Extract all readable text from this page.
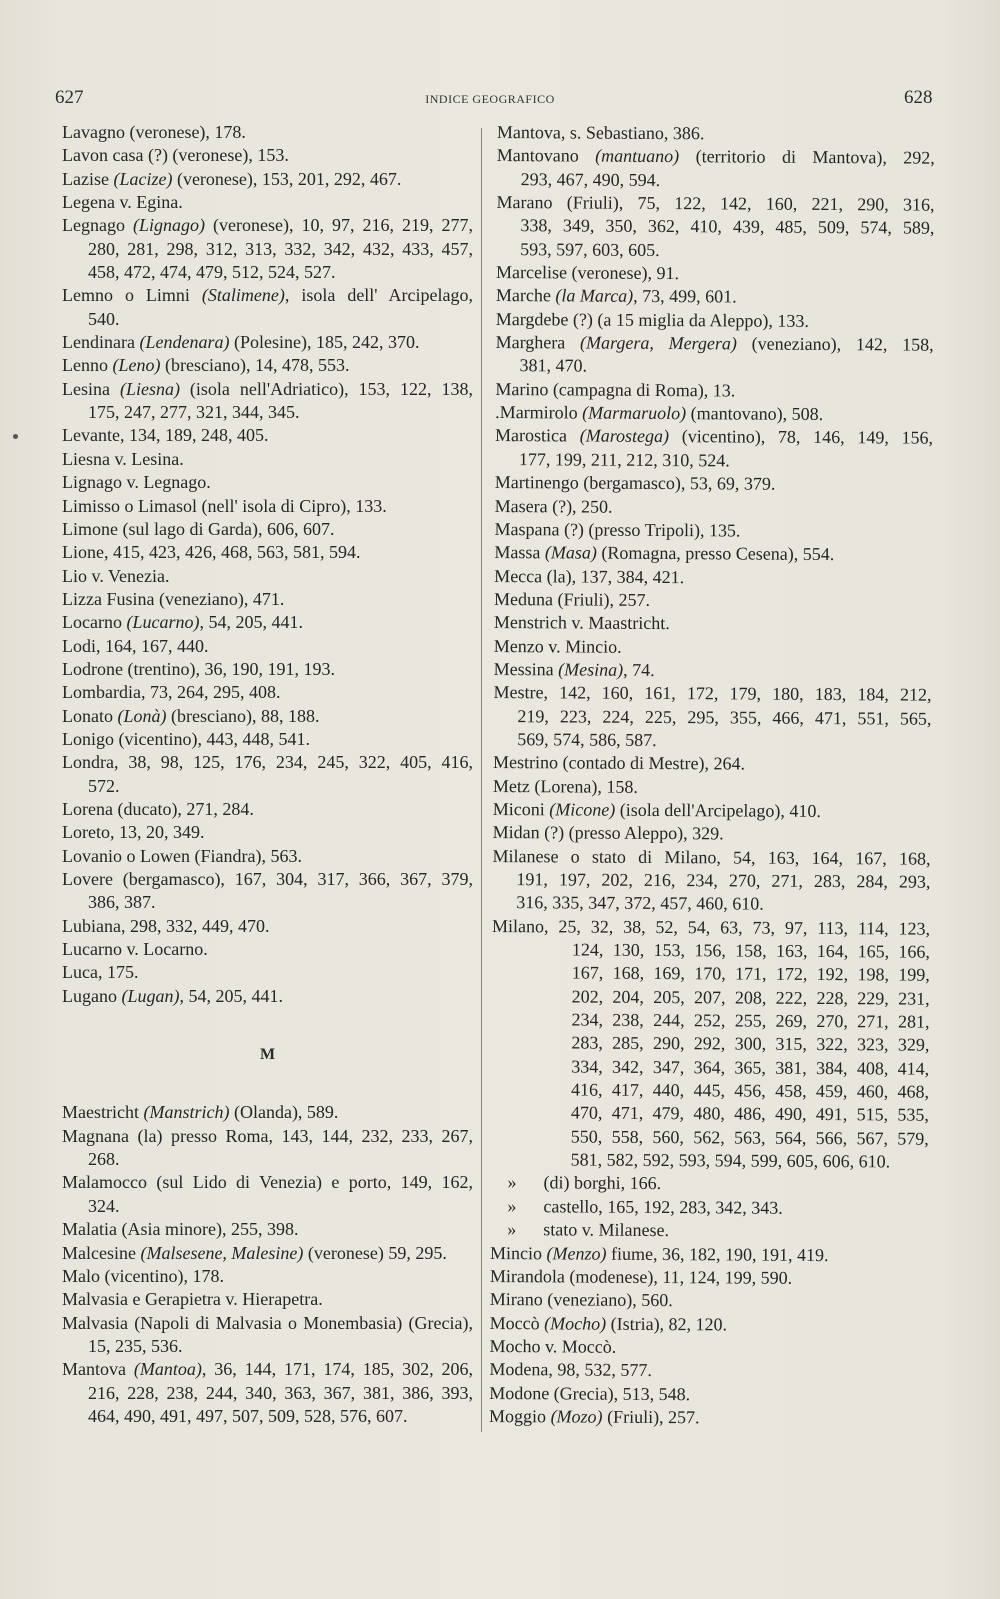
627	INDICE GEOGRAFICO	628
Lavagno (veronese), 178.
Lavon casa (?) (veronese), 153.
Lazise (Lacize) (veronese), 153, 201, 292, 467.
Legena v. Egina.
Legnago (Lignago) (veronese), 10, 97, 216, 219, 277,
280, 281, 298, 312, 313, 332, 342, 432, 433, 457,
458, 472, 474, 479, 512, 524, 527.
Lemno o Limni (Stalimene), isola dell' Arcipelago,
540.
Lendinara (Lendenara) (Polesine), 185, 242, 370.
Lenno (Leno) (bresciano), 14, 478, 553.
Lesina (Liesna) (isola nell'Adriatico), 153, 122, 138,
175, 247, 277, 321, 344, 345.
Levante, 134, 189, 248, 405.
Liesna v. Lesina.
Lignago v. Legnago.
Limisso o Limasol (nell' isola di Cipro), 133.
Limone (sul lago di Garda), 606, 607.
Lione, 415, 423, 426, 468, 563, 581, 594.
Lio v. Venezia.
Lizza Fusina (veneziano), 471.
Locarno (Lucarno), 54, 205, 441.
Lodi, 164, 167, 440.
Lodrone (trentino), 36, 190, 191, 193.
Lombardia, 73, 264, 295, 408.
Lonato (Lonà) (bresciano), 88, 188.
Lonigo (vicentino), 443, 448, 541.
Londra, 38, 98, 125, 176, 234, 245, 322, 405, 416,
572.
Lorena (ducato), 271, 284.
Loreto, 13, 20, 349.
Lovanio o Lowen (Fiandra), 563.
Lovere (bergamasco), 167, 304, 317, 366, 367, 379,
386, 387.
Lubiana, 298, 332, 449, 470.
Lucarno v. Locarno.
Luca, 175.
Lugano (Lugan), 54, 205, 441.
M
Maestricht (Manstrich) (Olanda), 589.
Magnana (la) presso Roma, 143, 144, 232, 233, 267,
268.
Malamocco (sul Lido di Venezia) e porto, 149, 162,
324.
Malatia (Asia minore), 255, 398.
Malcesine (Malsesene, Malesine) (veronese) 59, 295.
Malo (vicentino), 178.
Malvasia e Gerapietra v. Hierapetra.
Malvasia (Napoli di Malvasia o Monembasia) (Grecia),
15, 235, 536.
Mantova (Mantoa), 36, 144, 171, 174, 185, 302, 206,
216, 228, 238, 244, 340, 363, 367, 381, 386, 393,
464, 490, 491, 497, 507, 509, 528, 576, 607.
Mantova, s. Sebastiano, 386.
Mantovano (mantuano) (territorio di Mantova), 292,
293, 467, 490, 594.
Marano (Friuli), 75, 122, 142, 160, 221, 290, 316,
338, 349, 350, 362, 410, 439, 485, 509, 574, 589,
593, 597, 603, 605.
Marcelise (veronese), 91.
Marche (la Marca), 73, 499, 601.
Margdebe (?) (a 15 miglia da Aleppo), 133.
Marghera (Margera, Mergera) (veneziano), 142, 158,
381, 470.
Marino (campagna di Roma), 13.
.Marmirolo (Marmaruolo) (mantovano), 508.
Marostica (Marostega) (vicentino), 78, 146, 149, 156,
177, 199, 211, 212, 310, 524.
Martinengo (bergamasco), 53, 69, 379.
Masera (?), 250.
Maspana (?) (presso Tripoli), 135.
Massa (Masa) (Romagna, presso Cesena), 554.
Mecca (la), 137, 384, 421.
Meduna (Friuli), 257.
Menstrich v. Maastricht.
Menzo v. Mincio.
Messina (Mesina), 74.
Mestre, 142, 160, 161, 172, 179, 180, 183, 184, 212,
219, 223, 224, 225, 295, 355, 466, 471, 551, 565,
569, 574, 586, 587.
Mestrino (contado di Mestre), 264.
Metz (Lorena), 158.
Miconi (Micone) (isola dell'Arcipelago), 410.
Midan (?) (presso Aleppo), 329.
Milanese o stato di Milano, 54, 163, 164, 167, 168,
191, 197, 202, 216, 234, 270, 271, 283, 284, 293,
316, 335, 347, 372, 457, 460, 610.
Milano, 25, 32, 38, 52, 54, 63, 73, 97, 113, 114, 123,
124, 130, 153, 156, 158, 163, 164, 165, 166,
167, 168, 169, 170, 171, 172, 192, 198, 199,
202, 204, 205, 207, 208, 222, 228, 229, 231,
234, 238, 244, 252, 255, 269, 270, 271, 281,
283, 285, 290, 292, 300, 315, 322, 323, 329,
334, 342, 347, 364, 365, 381, 384, 408, 414,
416, 417, 440, 445, 456, 458, 459, 460, 468,
470, 471, 479, 480, 486, 490, 491, 515, 535,
550, 558, 560, 562, 563, 564, 566, 567, 579,
581, 582, 592, 593, 594, 599, 605, 606, 610.
» (di) borghi, 166.
» castello, 165, 192, 283, 342, 343.
» stato v. Milanese.
Mincio (Menzo) fiume, 36, 182, 190, 191, 419.
Mirandola (modenese), 11, 124, 199, 590.
Mirano (veneziano), 560.
Moccò (Mocho) (Istria), 82, 120.
Mocho v. Moccò.
Modena, 98, 532, 577.
Modone (Grecia), 513, 548.
Moggio (Mozo) (Friuli), 257.
